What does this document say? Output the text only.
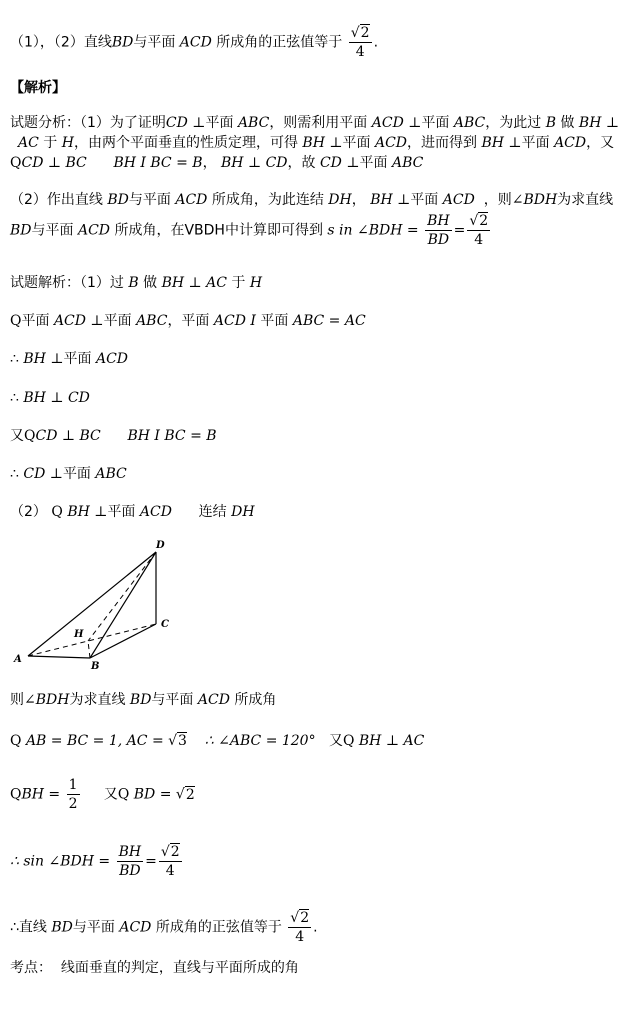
（1），（2）直线BD与平面 ACD 所成角的正弦值等于 $\frac{√2}{4}$ .
【解析】
试题分析：（1）为了证明CD ⊥平面 ABC，则需利用平面 ACD ⊥平面 ABC，为此过 B 做 BH ⊥
AC 于 H，由两个平面垂直的性质定理，可得 BH ⊥平面 ACD，进而得到 BH ⊥平面 ACD，又
QCD ⊥ BC BH I BC = B， BH ⊥ CD，故 CD ⊥平面 ABC
（2）作出直线 BD与平面 ACD 所成角，为此连结 DH， BH ⊥平面 ACD ，则∠BDH为求直线
BD与平面 ACD 所成角，在VBDH中计算即可得到 s in ∠BDH = $\frac{BH}{BD} = \frac{√2}{4}$
试题解析：（1）过 B 做 BH ⊥ AC 于 H
Q平面 ACD ⊥平面 ABC，平面 ACD I 平面 ABC = AC
∴ BH ⊥平面 ACD
∴ BH ⊥ CD
又QCD ⊥ BC BH I BC = B
∴ CD ⊥平面 ABC
（2） Q BH ⊥平面 ACD 连结 DH
D
H
C
A
B
则∠BDH为求直线 BD与平面 ACD 所成角
Q AB = BC = 1, AC = √3 ∴ ∠ABC = 120° 又Q BH ⊥ AC
QBH = $\frac{1}{2}$ 又Q BD = √2
∴ sin ∠BDH = $\frac{BH}{BD} = \frac{√2}{4}$
∴直线 BD与平面 ACD 所成角的正弦值等于 $\frac{√2}{4}$ .
考点： 线面垂直的判定，直线与平面所成的角
